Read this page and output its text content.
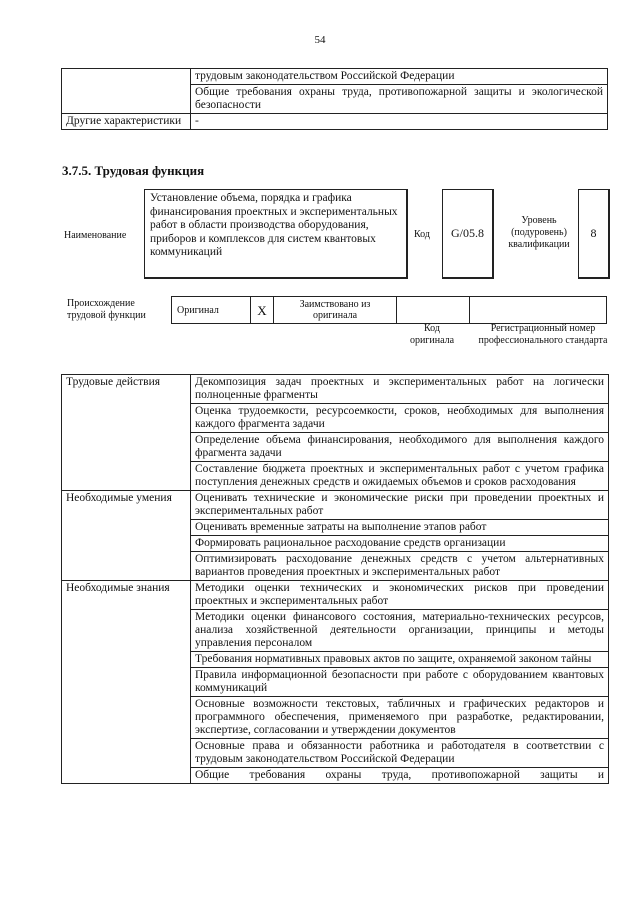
54
	трудовым законодательством Российской Федерации
	Общие требования охраны труда, противопожарной защиты и экологической безопасности
Другие характеристики	-
3.7.5. Трудовая функция
Наименование
Установление объема, порядка и графика финансирования проектных и экспериментальных работ в области производства оборудования, приборов и комплексов для систем квантовых коммуникаций
Код	G/05.8
Уровень (подуровень) квалификации
8
Происхождение трудовой функции	Оригинал	X	Заимствовано из оригинала		
Код оригинала
Регистрационный номер профессионального стандарта
Трудовые действия	Декомпозиция задач проектных и экспериментальных работ на логически полноценные фрагменты
	Оценка трудоемкости, ресурсоемкости, сроков, необходимых для выполнения каждого фрагмента задачи
	Определение объема финансирования, необходимого для выполнения каждого фрагмента задачи
	Составление бюджета проектных и экспериментальных работ с учетом графика поступления денежных средств и ожидаемых объемов и сроков расходования
Необходимые умения	Оценивать технические и экономические риски при проведении проектных и экспериментальных работ
	Оценивать временные затраты на выполнение этапов работ
	Формировать рациональное расходование средств организации
	Оптимизировать расходование денежных средств с учетом альтернативных вариантов проведения проектных и экспериментальных работ
Необходимые знания	Методики оценки технических и экономических рисков при проведении проектных и экспериментальных работ
	Методики оценки финансового состояния, материально-технических ресурсов, анализа хозяйственной деятельности организации, принципы и методы управления персоналом
	Требования нормативных правовых актов по защите, охраняемой законом тайны
	Правила информационной безопасности при работе с оборудованием квантовых коммуникаций
	Основные возможности текстовых, табличных и графических редакторов и программного обеспечения, применяемого при разработке, редактировании, экспертизе, согласовании и утверждении документов
	Основные права и обязанности работника и работодателя в соответствии с трудовым законодательством Российской Федерации
	Общие требования охраны труда, противопожарной защиты и
